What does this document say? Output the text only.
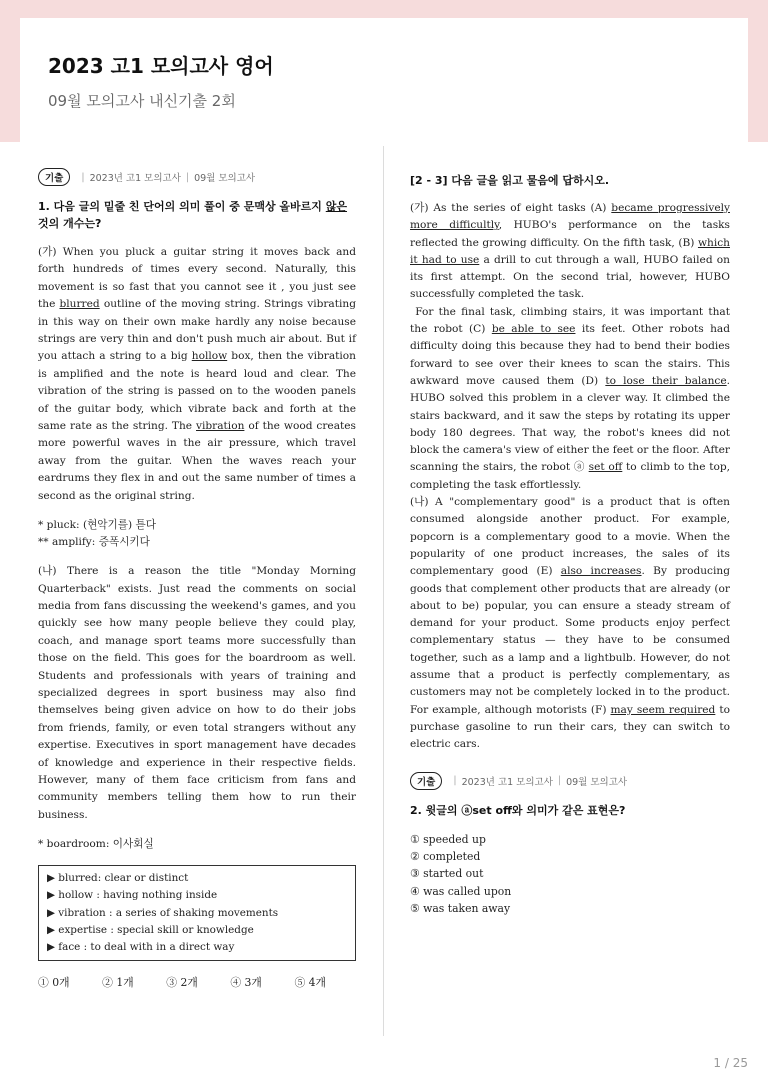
2023 고1 모의고사 영어
09월 모의고사 내신기출 2회
기출	| 2023년 고1 모의고사 | 09월 모의고사
1. 다음 글의 밑줄 친 단어의 의미 풀이 중 문맥상 올바르지 않은 것의 개수는?
(가) When you pluck a guitar string it moves back and forth hundreds of times every second. Naturally, this movement is so fast that you cannot see it , you just see the blurred outline of the moving string. Strings vibrating in this way on their own make hardly any noise because strings are very thin and don't push much air about. But if you attach a string to a big hollow box, then the vibration is amplified and the note is heard loud and clear. The vibration of the string is passed on to the wooden panels of the guitar body, which vibrate back and forth at the same rate as the string. The vibration of the wood creates more powerful waves in the air pressure, which travel away from the guitar. When the waves reach your eardrums they flex in and out the same number of times a second as the original string.
* pluck: (현악기를) 튿다
** amplify: 증폭시키다
(나) There is a reason the title "Monday Morning Quarterback" exists. Just read the comments on social media from fans discussing the weekend's games, and you quickly see how many people believe they could play, coach, and manage sport teams more successfully than those on the field. This goes for the boardroom as well. Students and professionals with years of training and specialized degrees in sport business may also find themselves being given advice on how to do their jobs from friends, family, or even total strangers without any expertise. Executives in sport management have decades of knowledge and experience in their respective fields. However, many of them face criticism from fans and community members telling them how to run their business.
* boardroom: 이사회실
▶ blurred: clear or distinct
▶ hollow : having nothing inside
▶ vibration : a series of shaking movements
▶ expertise : special skill or knowledge
▶ face : to deal with in a direct way
① 0개	② 1개	③ 2개	④ 3개	⑤ 4개
[2 - 3] 다음 글을 읽고 물음에 답하시오.
(가) As the series of eight tasks (A) became progressively more difficultly, HUBO's performance on the tasks reflected the growing difficulty. On the fifth task, (B) which it had to use a drill to cut through a wall, HUBO failed on its first attempt. On the second trial, however, HUBO successfully completed the task.
For the final task, climbing stairs, it was important that the robot (C) be able to see its feet. Other robots had difficulty doing this because they had to bend their bodies forward to see over their knees to scan the stairs. This awkward move caused them (D) to lose their balance. HUBO solved this problem in a clever way. It climbed the stairs backward, and it saw the steps by rotating its upper body 180 degrees. That way, the robot's knees did not block the camera's view of either the feet or the floor. After scanning the stairs, the robot ⓐ set off to climb to the top, completing the task effortlessly.
(나) A "complementary good" is a product that is often consumed alongside another product. For example, popcorn is a complementary good to a movie. When the popularity of one product increases, the sales of its complementary good (E) also increases. By producing goods that complement other products that are already (or about to be) popular, you can ensure a steady stream of demand for your product. Some products enjoy perfect complementary status — they have to be consumed together, such as a lamp and a lightbulb. However, do not assume that a product is perfectly complementary, as customers may not be completely locked in to the product. For example, although motorists (F) may seem required to purchase gasoline to run their cars, they can switch to electric cars.
기출	| 2023년 고1 모의고사 | 09월 모의고사
2. 윗글의 ⓐset off와 의미가 같은 표현은?
① speeded up
② completed
③ started out
④ was called upon
⑤ was taken away
1 / 25
